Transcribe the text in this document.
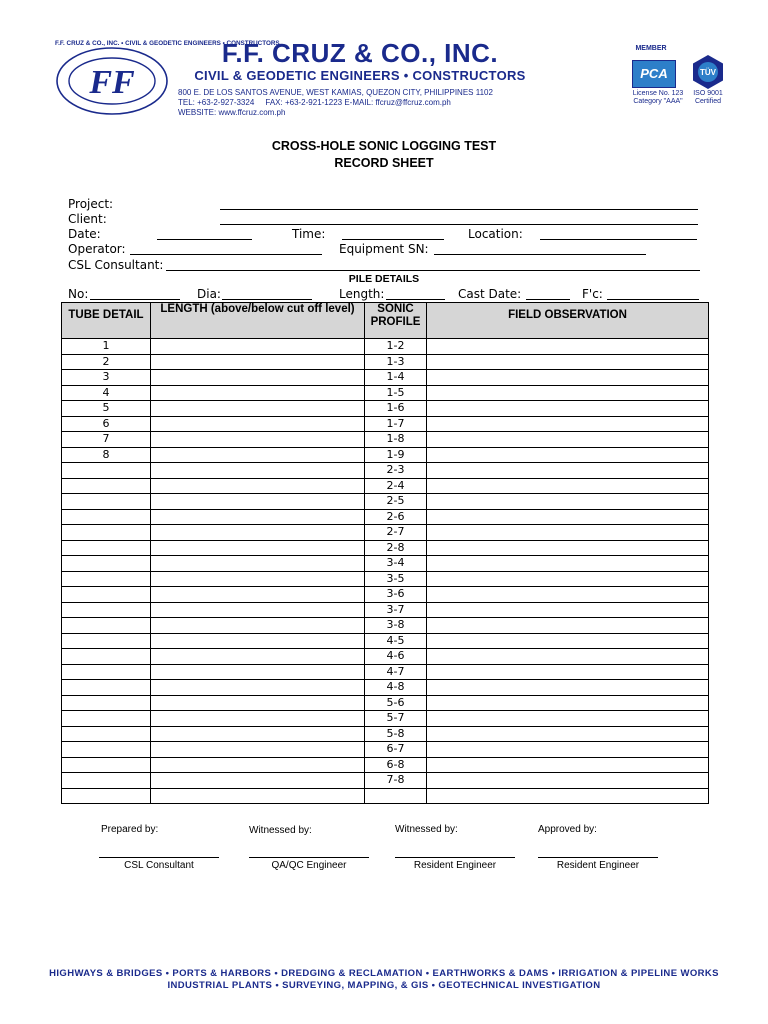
F.F. CRUZ & CO., INC. • CIVIL & GEODETIC ENGINEERS • CONSTRUCTORS
FF
F.F. CRUZ & CO., INC.
CIVIL & GEODETIC ENGINEERS • CONSTRUCTORS
800 E. DE LOS SANTOS AVENUE, WEST KAMIAS, QUEZON CITY, PHILIPPINES 1102
TEL: +63-2-927-3324     FAX: +63-2-921-1223 E-MAIL: ffcruz@ffcruz.com.ph
WEBSITE: www.ffcruz.com.ph
MEMBER
PCA	TÜV
License No. 123
Category "AAA"
ISO 9001
Certified
CROSS-HOLE SONIC LOGGING TEST
RECORD SHEET
Project:
Client:
Date:	Time:	Location:
Operator:	Equipment SN:
CSL Consultant:
PILE DETAILS
No:	Dia:	Length:	Cast Date:	F'c:
TUBE DETAIL	LENGTH (above/below cut off level)	SONIC PROFILE	FIELD OBSERVATION
1		1-2	
2		1-3	
3		1-4	
4		1-5	
5		1-6	
6		1-7	
7		1-8	
8		1-9	
		2-3	
		2-4	
		2-5	
		2-6	
		2-7	
		2-8	
		3-4	
		3-5	
		3-6	
		3-7	
		3-8	
		4-5	
		4-6	
		4-7	
		4-8	
		5-6	
		5-7	
		5-8	
		6-7	
		6-8	
		7-8	

Prepared by:	Witnessed by:	Witnessed by:	Approved by:
CSL Consultant	QA/QC Engineer	Resident Engineer	Resident Engineer
HIGHWAYS & BRIDGES • PORTS & HARBORS • DREDGING & RECLAMATION • EARTHWORKS & DAMS • IRRIGATION & PIPELINE WORKS
INDUSTRIAL PLANTS • SURVEYING, MAPPING, & GIS • GEOTECHNICAL INVESTIGATION
